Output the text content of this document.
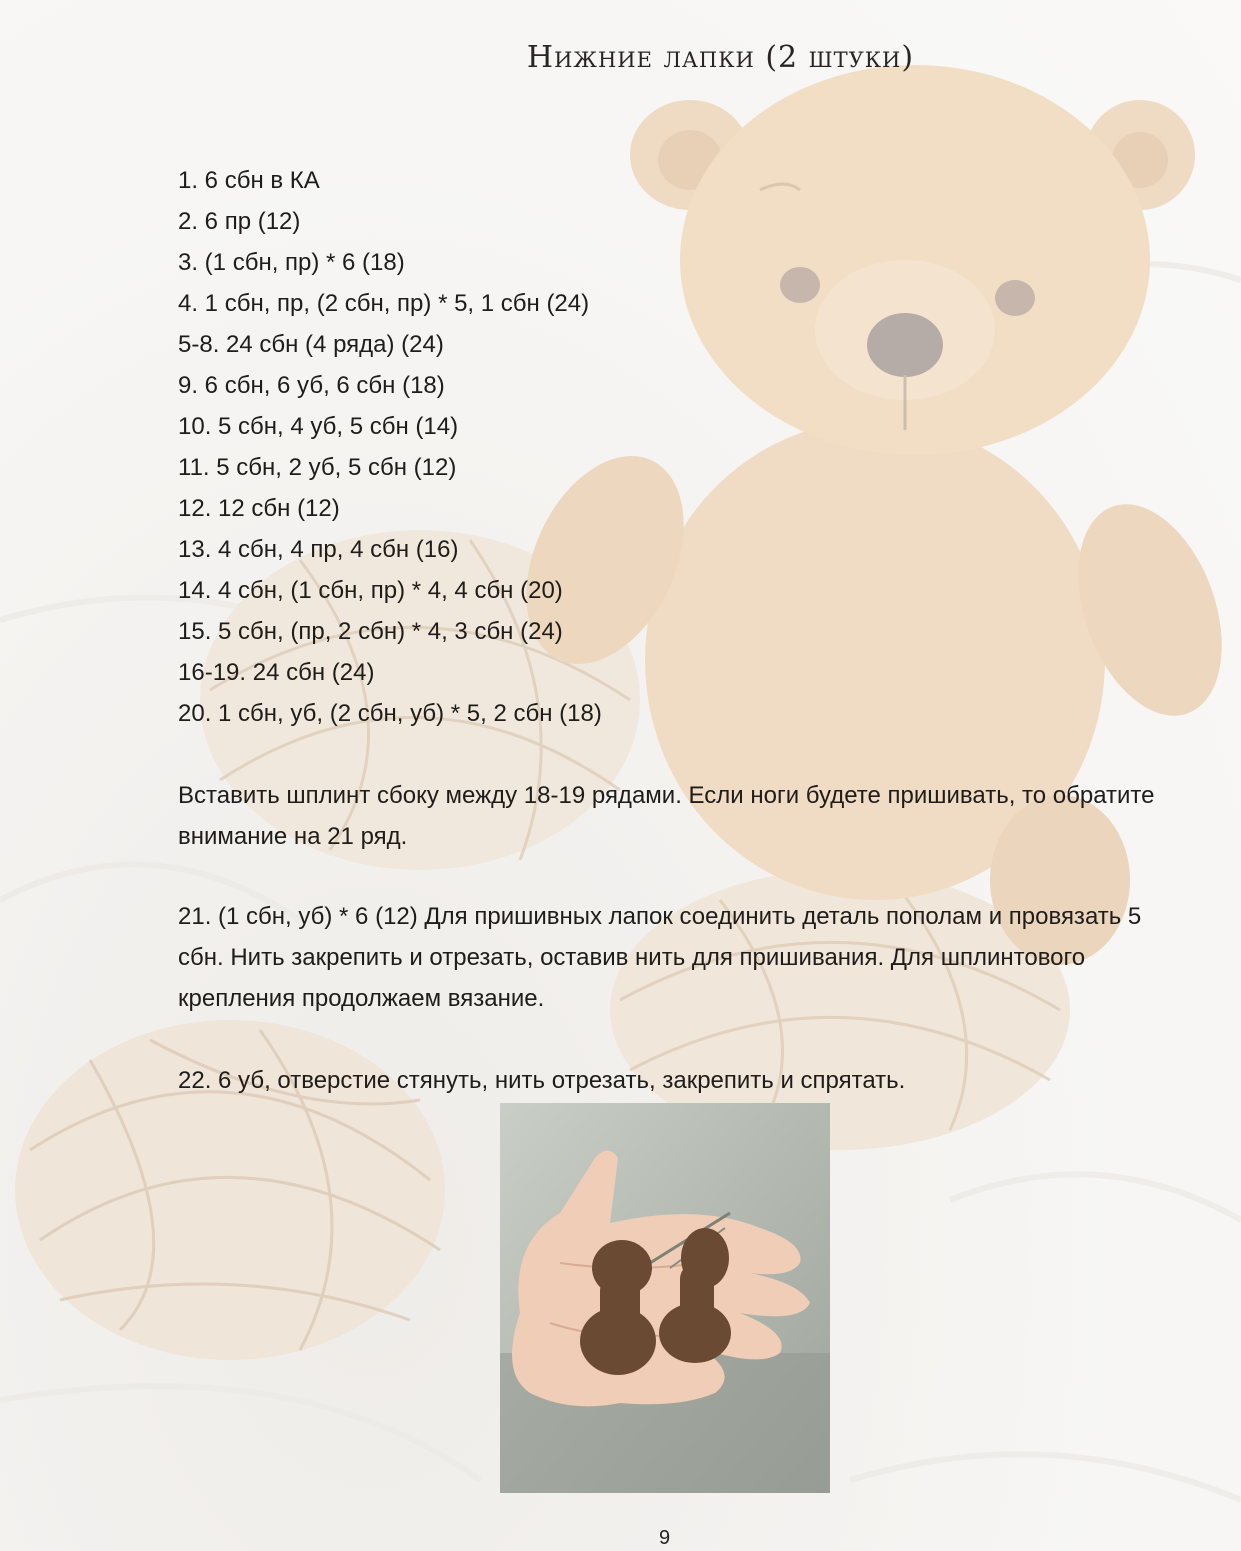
Нижние лапки (2 штуки)
1. 6 сбн в КА
2. 6 пр (12)
3. (1 сбн, пр) * 6 (18)
4. 1 сбн, пр, (2 сбн, пр) * 5, 1 сбн (24)
5-8. 24 сбн (4 ряда) (24)
9. 6 сбн, 6 уб, 6 сбн (18)
10. 5 сбн, 4 уб, 5 сбн (14)
11. 5 сбн, 2 уб, 5 сбн (12)
12. 12 сбн (12)
13. 4 сбн, 4 пр, 4 сбн (16)
14. 4 сбн, (1 сбн, пр) * 4, 4 сбн (20)
15. 5 сбн, (пр, 2 сбн) * 4, 3 сбн (24)
16-19. 24 сбн (24)
20. 1 сбн, уб, (2 сбн, уб) * 5, 2 сбн (18)

Вставить шплинт сбоку между 18-19 рядами. Если ноги будете пришивать, то обратите внимание на 21 ряд.

21. (1 сбн, уб) * 6 (12) Для пришивных лапок соединить деталь пополам и провязать 5 сбн. Нить закрепить и отрезать, оставив нить для пришивания. Для шплинтового крепления продолжаем вязание.

22. 6 уб, отверстие стянуть, нить отрезать, закрепить и спрятать.

9
